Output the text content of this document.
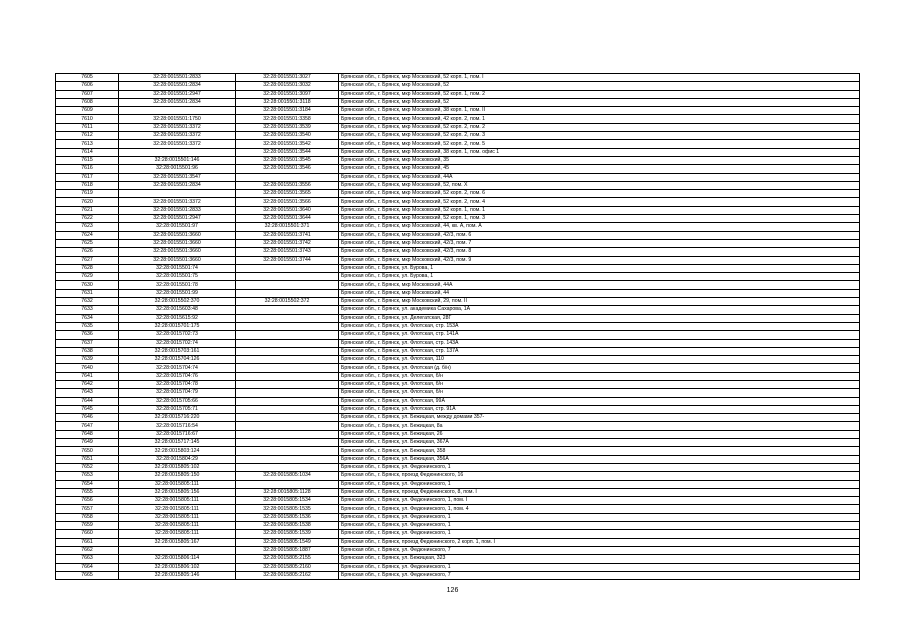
7605	32:28:0015501:2833	32:28:0015501:3027	Брянская обл., г. Брянск, мкр Московский, 52 корп. 1, пом. I
7606	32:28:0015501:2834	32:28:0015501:3032	Брянская обл., г. Брянск, мкр Московский, 52
7607	32:28:0015501:2947	32:28:0015501:3097	Брянская обл., г. Брянск, мкр Московский, 52 корп. 1, пом. 2
7608	32:28:0015501:2834	32:28:0015501:3118	Брянская обл., г. Брянск, мкр Московский, 52
7609		32:28:0015501:3184	Брянская обл., г. Брянск, мкр Московский, 38 корп. 1, пом. II
7610	32:28:0015501:1750	32:28:0015501:3358	Брянская обл., г. Брянск, мкр Московский, 42 корп. 2, пом. 1
7611	32:28:0015501:3372	32:28:0015501:3539	Брянская обл., г. Брянск, мкр Московский, 52 корп. 2, пом. 2
7612	32:28:0015501:3372	32:28:0015501:3540	Брянская обл., г. Брянск, мкр Московский, 52 корп. 2, пом. 3
7613	32:28:0015501:3372	32:28:0015501:3542	Брянская обл., г. Брянск, мкр Московский, 52 корп. 2, пом. 5
7614		32:28:0015501:3544	Брянская обл., г. Брянск, мкр Московский, 38 корп. 1, пом. офис 1
7615	32:28:0015501:146	32:28:0015501:3545	Брянская обл., г. Брянск, мкр Московский, 35
7616	32:28:0015501:96	32:28:0015501:3546	Брянская обл., г. Брянск, мкр Московский, 45
7617	32:28:0015501:3547		Брянская обл., г. Брянск, мкр Московский, 44А
7618	32:28:0015501:2834	32:28:0015501:3556	Брянская обл., г. Брянск, мкр Московский, 52, пом. Х
7619		32:28:0015501:3565	Брянская обл., г. Брянск, мкр Московский, 52 корп. 2, пом. 6
7620	32:28:0015501:3372	32:28:0015501:3566	Брянская обл., г. Брянск, мкр Московский, 52 корп. 2, пом. 4
7621	32:28:0015501:2833	32:28:0015501:3640	Брянская обл., г. Брянск, мкр Московский, 52 корп. 1, пом. 1
7622	32:28:0015501:2947	32:28:0015501:3644	Брянская обл., г. Брянск, мкр Московский, 52 корп. 1, пом. 3
7623	32:28:0015501:97	32:28:0015501:371	Брянская обл., г. Брянск, мкр Московский, 44, кв. А, пом. А
7624	32:28:0015501:3660	32:28:0015501:3741	Брянская обл., г. Брянск, мкр Московский, 42/3, пом. 6
7625	32:28:0015501:3660	32:28:0015501:3742	Брянская обл., г. Брянск, мкр Московский, 42/3, пом. 7
7626	32:28:0015501:3660	32:28:0015501:3743	Брянская обл., г. Брянск, мкр Московский, 42/3, пом. 8
7627	32:28:0015501:3660	32:28:0015501:3744	Брянская обл., г. Брянск, мкр Московский, 42/3, пом. 9
7628	32:28:0015501:74		Брянская обл., г. Брянск, ул. Бурова, 1
7629	32:28:0015501:75		Брянская обл., г. Брянск, ул. Бурова, 1
7630	32:28:0015501:78		Брянская обл., г. Брянск, мкр Московский, 44А
7631	32:28:0015501:99		Брянская обл., г. Брянск, мкр Московский, 44
7632	32:28:0015502:370	32:28:0015502:372	Брянская обл., г. Брянск, мкр Московский, 29, пом. II
7633	32:28:0015603:48		Брянская обл., г. Брянск, ул. академика Сахарова, 1А
7634	32:28:0015615:92		Брянская обл., г. Брянск, ул. Делегатская, 28Г
7635	32:28:0015701:175		Брянская обл., г. Брянск, ул. Флотская, стр. 153А
7636	32:28:0015702:73		Брянская обл., г. Брянск, ул. Флотская, стр. 141А
7637	32:28:0015702:74		Брянская обл., г. Брянск, ул. Флотская, стр. 143А
7638	32:28:0015703:161		Брянская обл., г. Брянск, ул. Флотская, стр. 137А
7639	32:28:0015704:126		Брянская обл., г. Брянск, ул. Флотская, 110
7640	32:28:0015704:74		Брянская обл., г. Брянск, ул. Флотская (д. б/н)
7641	32:28:0015704:76		Брянская обл., г. Брянск, ул. Флотская, б/н
7642	32:28:0015704:78		Брянская обл., г. Брянск, ул. Флотская, б/н
7643	32:28:0015704:79		Брянская обл., г. Брянск, ул. Флотская, б/н
7644	32:28:0015705:66		Брянская обл., г. Брянск, ул. Флотская, 99А
7645	32:28:0015705:71		Брянская обл., г. Брянск, ул. Флотская, стр. 91А
7646	32:28:0015716:220		Брянская обл., г. Брянск, ул. Бежицкая, между домами 357-
7647	32:28:0015716:54		Брянская обл., г. Брянск, ул. Бежицкая, 8а
7648	32:28:0015716:67		Брянская обл., г. Брянск, ул. Бежицкая, 26
7649	32:28:0015717:145		Брянская обл., г. Брянск, ул. Бежицкая, 367А
7650	32:28:0015803:124		Брянская обл., г. Брянск, ул. Бежицкая, 358
7651	32:28:0015804:29		Брянская обл., г. Брянск, ул. Бежицкая, 356А
7652	32:28:0015805:102		Брянская обл., г. Брянск, ул. Федюнинского, 1
7653	32:28:0015805:150	32:28:0015805:1034	Брянская обл., г. Брянск, проезд Федюнинского, 16
7654	32:28:0015805:111		Брянская обл., г. Брянск, ул. Федюнинского, 1
7655	32:28:0015805:156	32:28:0015805:1128	Брянская обл., г. Брянск, проезд Федюнинского, 8, пом. I
7656	32:28:0015805:111	32:28:0015805:1534	Брянская обл., г. Брянск, ул. Федюнинского, 1, пом. I
7657	32:28:0015805:111	32:28:0015805:1535	Брянская обл., г. Брянск, ул. Федюнинского, 1, пом. 4
7658	32:28:0015805:111	32:28:0015805:1536	Брянская обл., г. Брянск, ул. Федюнинского, 1
7659	32:28:0015805:111	32:28:0015805:1538	Брянская обл., г. Брянск, ул. Федюнинского, 1
7660	32:28:0015805:111	32:28:0015805:1539	Брянская обл., г. Брянск, ул. Федюнинского, 1
7661	32:28:0015805:167	32:28:0015805:1549	Брянская обл., г. Брянск, проезд Федюнинского, 2 корп. 1, пом. I
7662		32:28:0015805:1887	Брянская обл., г. Брянск, ул. Федюнинского, 7
7663	32:28:0015806:114	32:28:0015805:2155	Брянская обл., г. Брянск, ул. Бежицкая, 323
7664	32:28:0015806:102	32:28:0015805:2160	Брянская обл., г. Брянск, ул. Федюнинского, 1
7665	32:28:0015805:146	32:28:0015805:2162	Брянская обл., г. Брянск, ул. Федюнинского, 7
126
